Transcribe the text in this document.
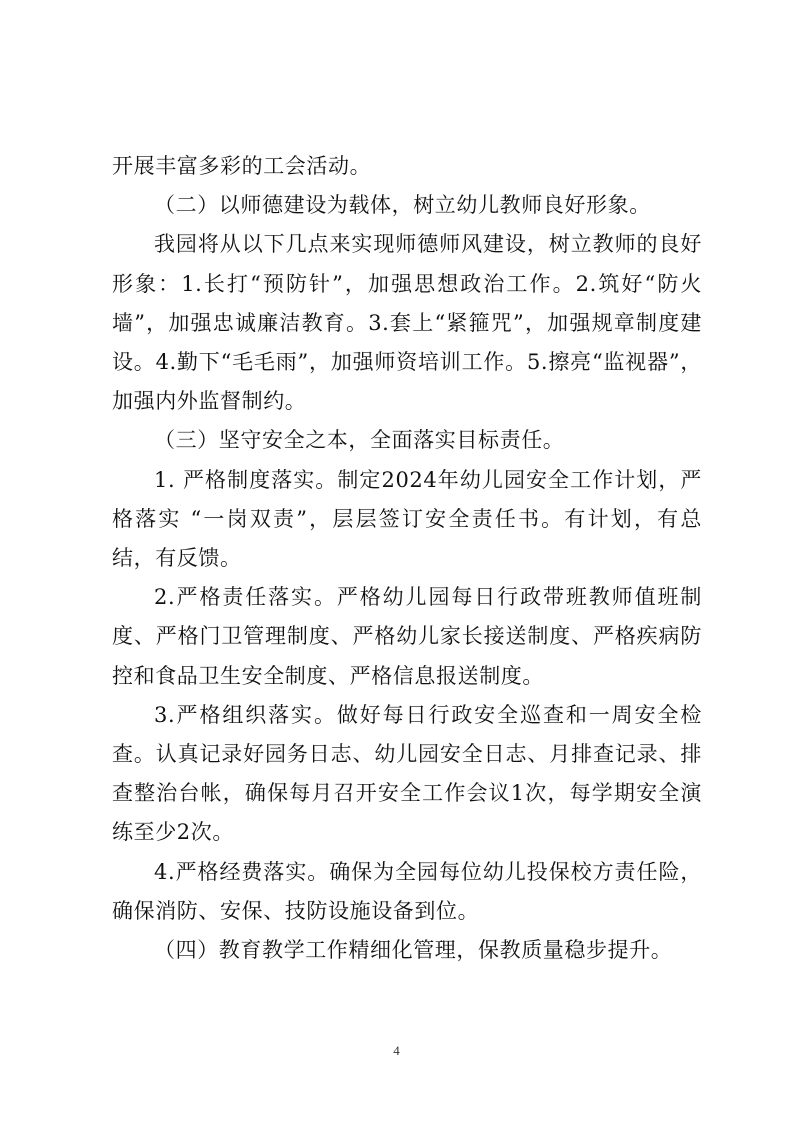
开展丰富多彩的工会活动。

（二）以师德建设为载体，树立幼儿教师良好形象。

我园将从以下几点来实现师德师风建设，树立教师的良好形象：1.长打“预防针”，加强思想政治工作。2.筑好“防火墙”，加强忠诚廉洁教育。3.套上“紧箍咒”，加强规章制度建设。4.勤下“毛毛雨”，加强师资培训工作。5.擦亮“监视器”，加强内外监督制约。

（三）坚守安全之本，全面落实目标责任。

1. 严格制度落实。制定2024年幼儿园安全工作计划，严格落实 “一岗双责”，层层签订安全责任书。有计划，有总结，有反馈。

2.严格责任落实。严格幼儿园每日行政带班教师值班制度、严格门卫管理制度、严格幼儿家长接送制度、严格疾病防控和食品卫生安全制度、严格信息报送制度。

3.严格组织落实。做好每日行政安全巡查和一周安全检查。认真记录好园务日志、幼儿园安全日志、月排查记录、排查整治台帐，确保每月召开安全工作会议1次，每学期安全演练至少2次。

4.严格经费落实。确保为全园每位幼儿投保校方责任险，确保消防、安保、技防设施设备到位。

（四）教育教学工作精细化管理，保教质量稳步提升。

4
